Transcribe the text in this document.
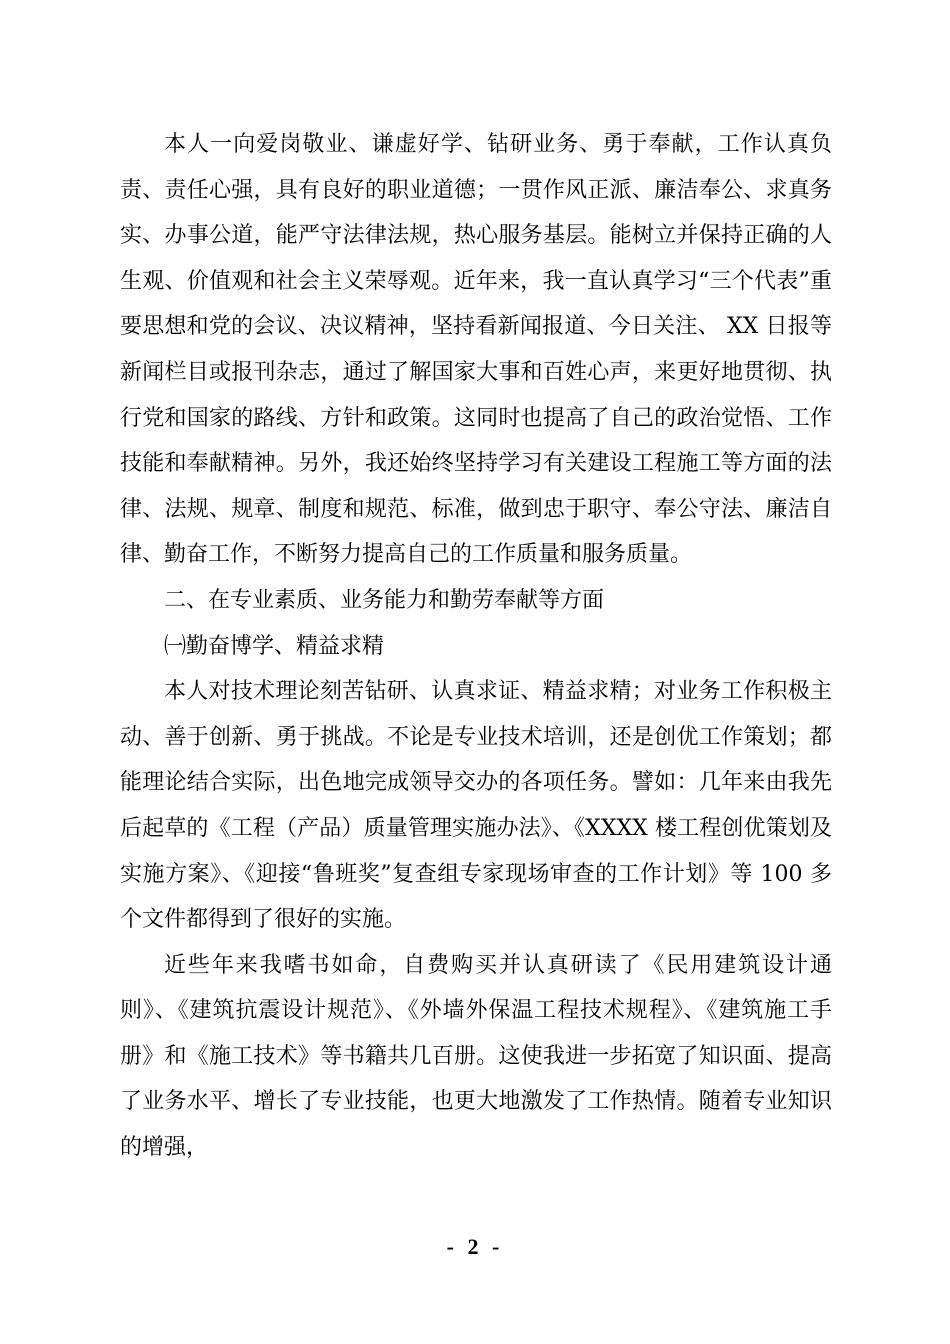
本人一向爱岗敬业、谦虚好学、钻研业务、勇于奉献，工作认真负责、责任心强，具有良好的职业道德；一贯作风正派、廉洁奉公、求真务实、办事公道，能严守法律法规，热心服务基层。能树立并保持正确的人生观、价值观和社会主义荣辱观。近年来，我一直认真学习“三个代表”重要思想和党的会议、决议精神，坚持看新闻报道、今日关注、 XX 日报等新闻栏目或报刊杂志，通过了解国家大事和百姓心声，来更好地贯彻、执行党和国家的路线、方针和政策。这同时也提高了自己的政治觉悟、工作技能和奉献精神。另外，我还始终坚持学习有关建设工程施工等方面的法律、法规、规章、制度和规范、标准，做到忠于职守、奉公守法、廉洁自律、勤奋工作，不断努力提高自己的工作质量和服务质量。

二、在专业素质、业务能力和勤劳奉献等方面

㈠勤奋博学、精益求精

本人对技术理论刻苦钻研、认真求证、精益求精；对业务工作积极主动、善于创新、勇于挑战。不论是专业技术培训，还是创优工作策划；都能理论结合实际，出色地完成领导交办的各项任务。譬如：几年来由我先后起草的《工程（产品）质量管理实施办法》、《XXXX 楼工程创优策划及实施方案》、《迎接“鲁班奖”复查组专家现场审查的工作计划》等 100 多个文件都得到了很好的实施。

近些年来我嗜书如命，自费购买并认真研读了《民用建筑设计通则》、《建筑抗震设计规范》、《外墙外保温工程技术规程》、《建筑施工手册》和《施工技术》等书籍共几百册。这使我进一步拓宽了知识面、提高了业务水平、增长了专业技能，也更大地激发了工作热情。随着专业知识的增强，

- 2 -
